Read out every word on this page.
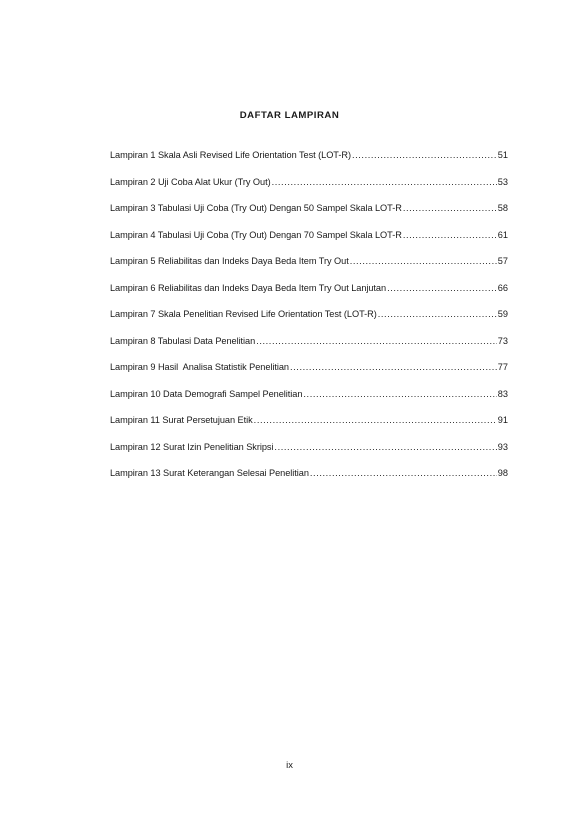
DAFTAR LAMPIRAN
Lampiran 1 Skala Asli Revised Life Orientation Test (LOT-R) .....	51
Lampiran 2 Uji Coba Alat Ukur (Try Out) .....	53
Lampiran 3 Tabulasi Uji Coba (Try Out) Dengan 50 Sampel Skala LOT-R .....	58
Lampiran 4 Tabulasi Uji Coba (Try Out) Dengan 70 Sampel Skala LOT-R .....	61
Lampiran 5 Reliabilitas dan Indeks Daya Beda Item Try Out .....	57
Lampiran 6 Reliabilitas dan Indeks Daya Beda Item Try Out Lanjutan .....	66
Lampiran 7 Skala Penelitian Revised Life Orientation Test (LOT-R) .....	59
Lampiran 8 Tabulasi Data Penelitian .....	73
Lampiran 9 Hasil  Analisa Statistik Penelitian .....	77
Lampiran 10 Data Demografi Sampel Penelitian .....	83
Lampiran 11 Surat Persetujuan Etik .....	91
Lampiran 12 Surat Izin Penelitian Skripsi .....	93
Lampiran 13 Surat Keterangan Selesai Penelitian .....	98
ix
